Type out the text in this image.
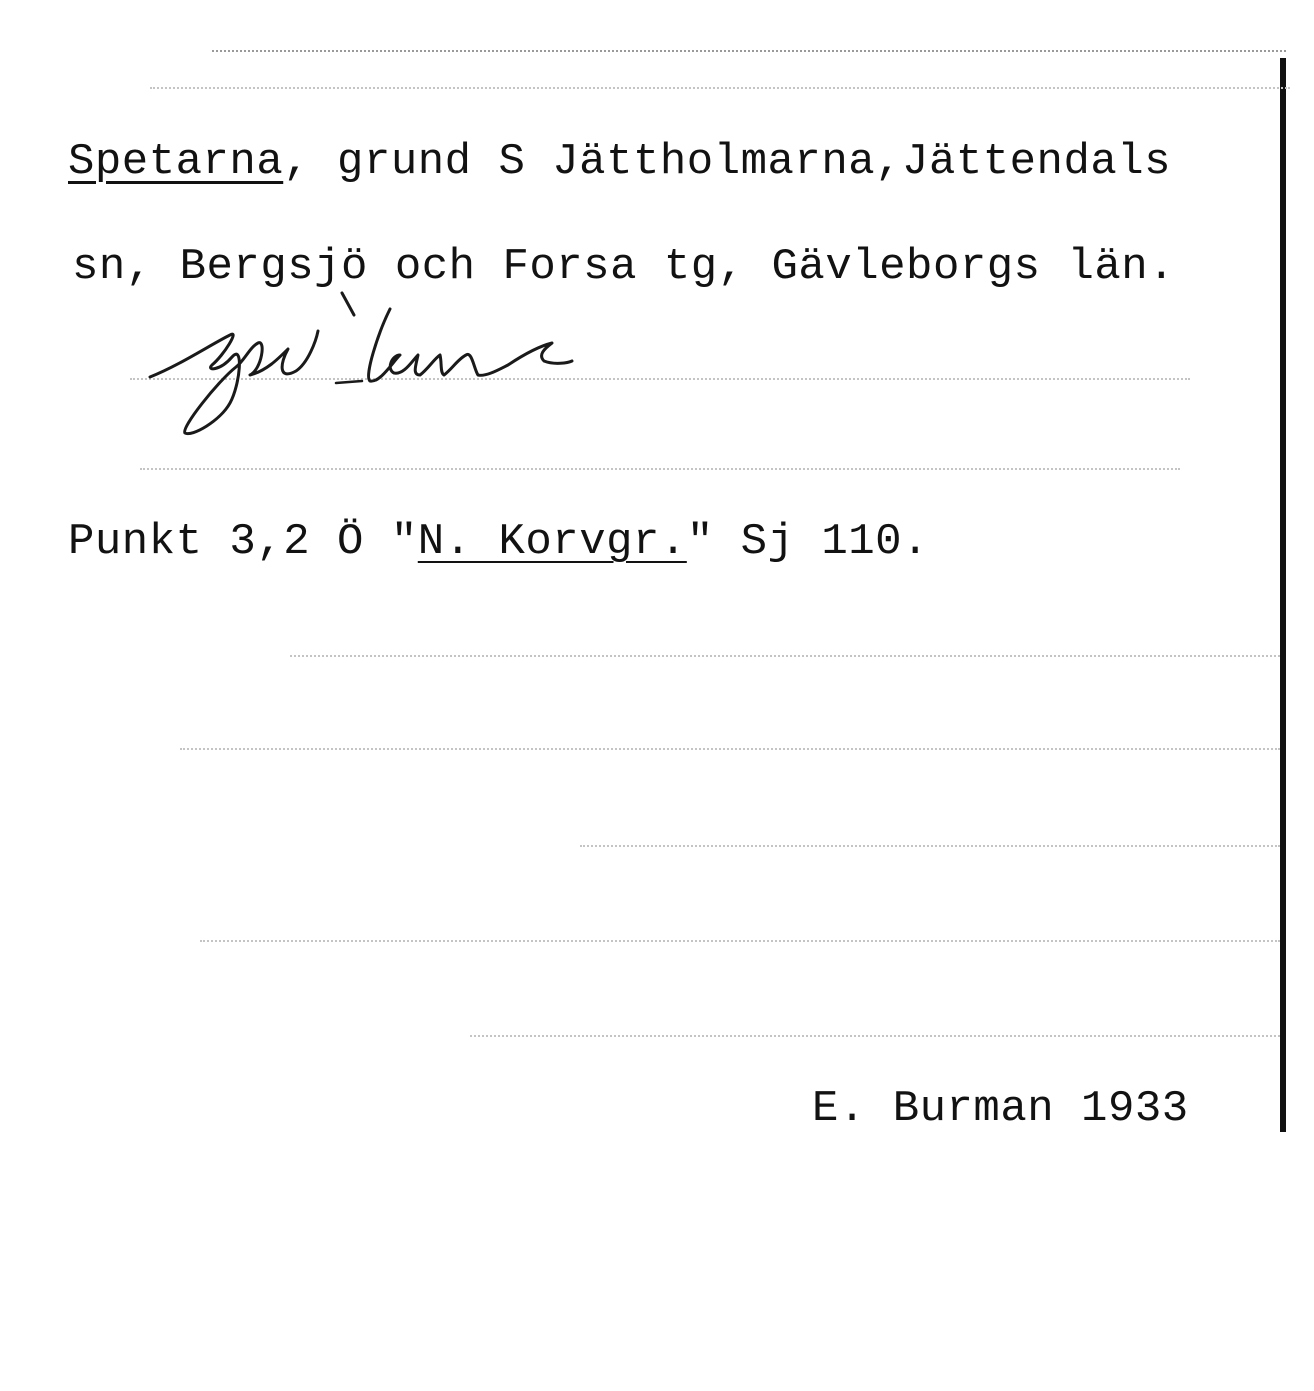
Spetarna, grund S Jättholmarna,Jättendals
sn, Bergsjö och Forsa tg, Gävleborgs län.
Punkt 3,2 Ö "N. Korvgr." Sj 110.
E. Burman 1933
